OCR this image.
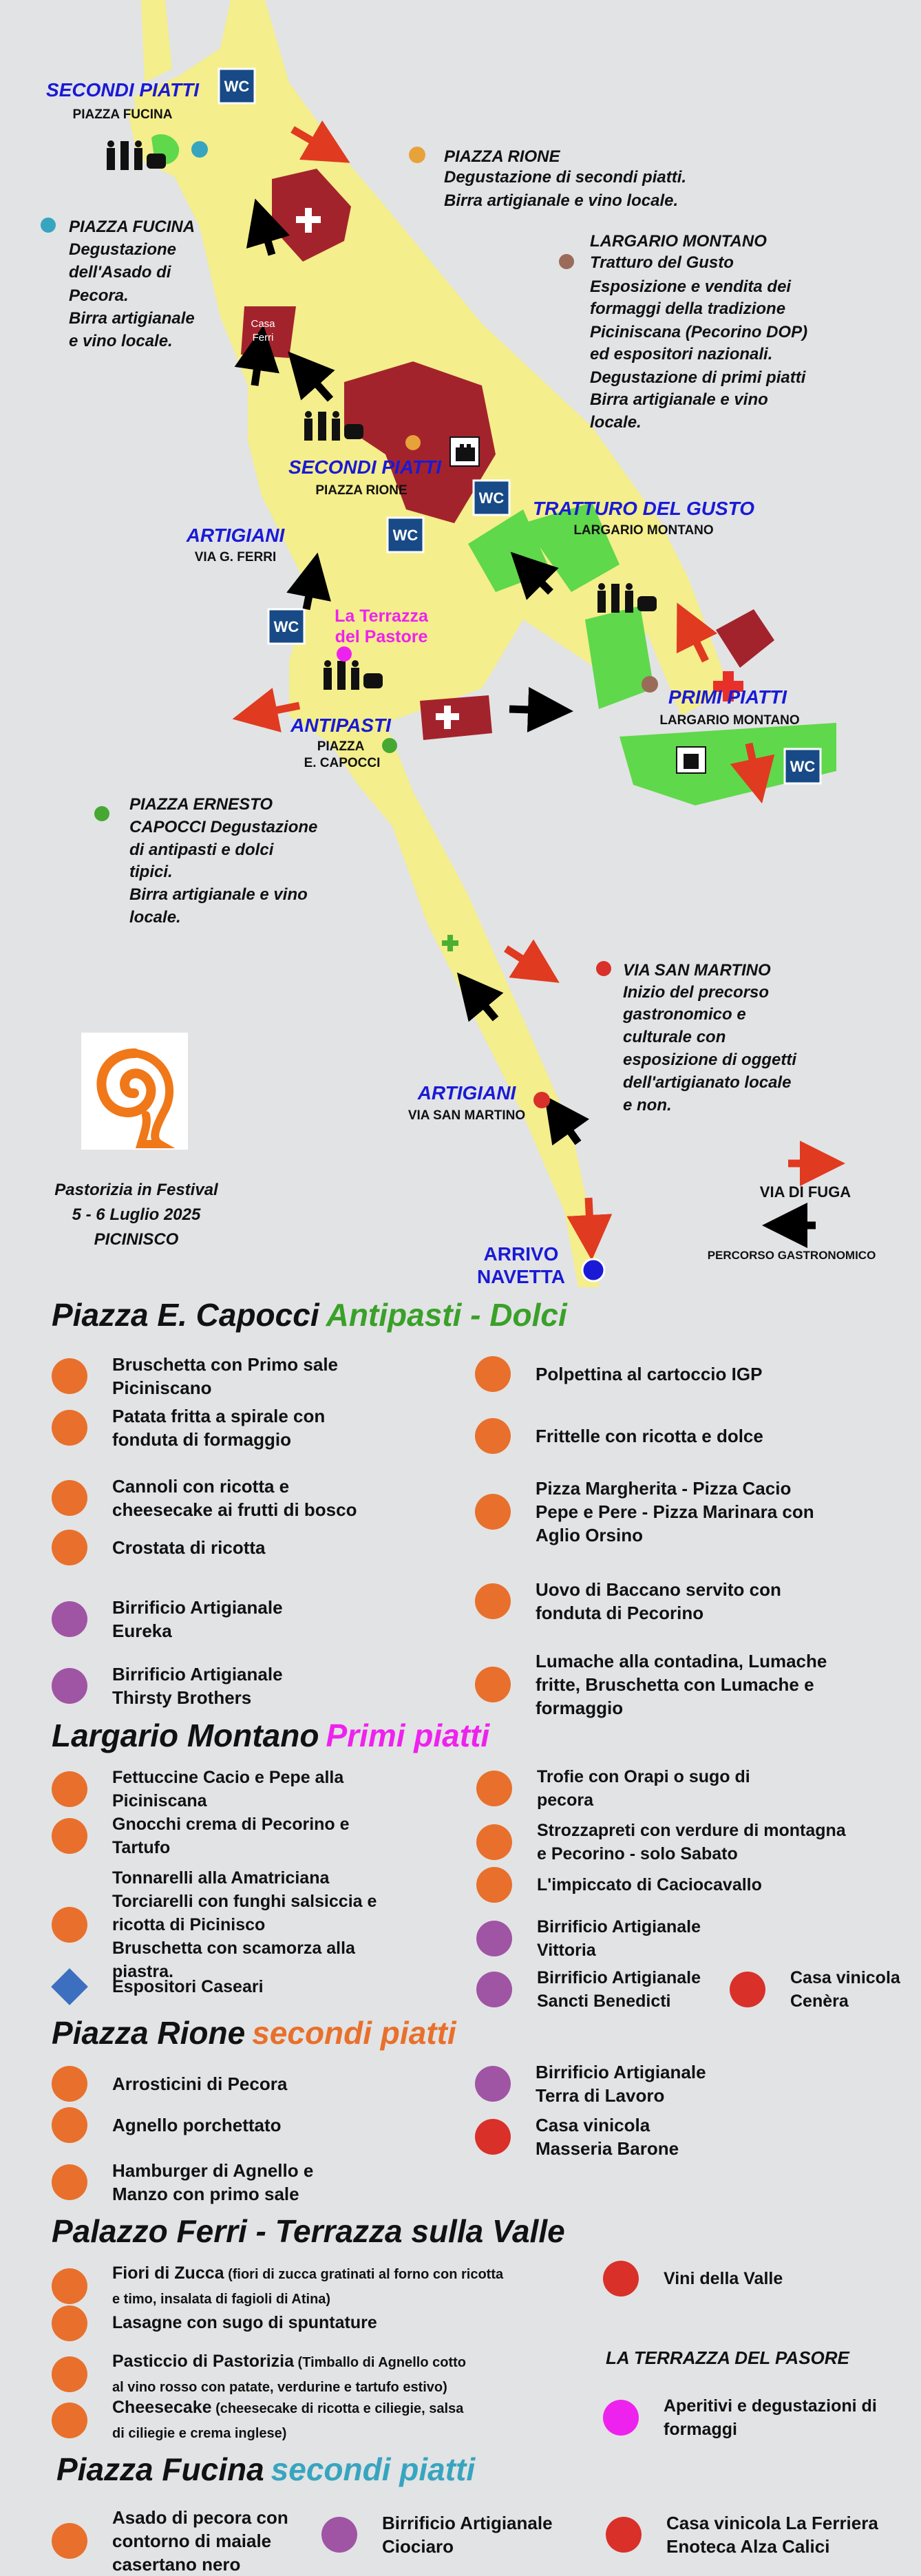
WC
WC
WC
WC
WC
SECONDI PIATTI
PIAZZA FUCINA
SECONDI PIATTI
PIAZZA RIONE
ARTIGIANI
VIA G. FERRI
TRATTURO DEL GUSTO
LARGARIO MONTANO
PRIMI PIATTI
LARGARIO MONTANO
La Terrazza
del Pastore
ANTIPASTI
PIAZZA
E. CAPOCCI
ARTIGIANI
VIA SAN MARTINO
ARRIVO
NAVETTA
Casa
Ferri
PIAZZA RIONE
Degustazione di secondi piatti.
Birra artigianale e vino locale.
LARGARIO MONTANO
Tratturo del Gusto
Esposizione e vendita dei
formaggi della tradizione
Piciniscana (Pecorino DOP)
ed espositori nazionali.
Degustazione di primi piatti
Birra artigianale e vino
locale.
PIAZZA FUCINA
Degustazione
dell'Asado di
Pecora.
Birra artigianale
e vino locale.
PIAZZA ERNESTO
CAPOCCI Degustazione
di antipasti e dolci
tipici.
Birra artigianale e vino
locale.
VIA SAN MARTINO
Inizio del precorso
gastronomico e
culturale con
esposizione di oggetti
dell'artigianato locale
e non.
Pastorizia in Festival
5 - 6 Luglio 2025
PICINISCO
VIA DI FUGA
PERCORSO GASTRONOMICO
Piazza E. Capocci Antipasti - Dolci
Largario Montano Primi piatti
Piazza Rione secondi piatti
Palazzo Ferri - Terrazza sulla Valle
LA TERRAZZA DEL PASORE
Piazza Fucina secondi piatti
Bruschetta con Primo sale
Piciniscano
Patata fritta a spirale con
fonduta di formaggio
Cannoli con ricotta e
cheesecake ai frutti di bosco
Crostata di ricotta
Birrificio Artigianale
Eureka
Birrificio Artigianale
Thirsty Brothers
Polpettina al cartoccio IGP
Frittelle con ricotta e dolce
Pizza Margherita - Pizza Cacio
Pepe e Pere - Pizza Marinara con
Aglio Orsino
Uovo di Baccano servito con
fonduta di Pecorino
Lumache alla contadina, Lumache
fritte, Bruschetta con Lumache e
formaggio
Fettuccine Cacio e Pepe alla
Piciniscana
Gnocchi crema di Pecorino e
Tartufo
Tonnarelli alla Amatriciana
Torciarelli con funghi salsiccia e
ricotta di Picinisco
Bruschetta con scamorza alla
piastra.
Espositori Caseari
Trofie con Orapi o sugo di
pecora
Strozzapreti con verdure di montagna
e Pecorino - solo Sabato
L'impiccato di Caciocavallo
Birrificio Artigianale
Vittoria
Birrificio Artigianale
Sancti Benedicti
Casa vinicola
Cenèra
Arrosticini di Pecora
Agnello porchettato
Hamburger di Agnello e
Manzo con primo sale
Birrificio Artigianale
Terra di Lavoro
Casa vinicola
Masseria Barone
Fiori di Zucca (fiori di zucca gratinati al forno con ricotta
e timo, insalata di fagioli di Atina)
Lasagne con sugo di spuntature
Pasticcio di Pastorizia (Timballo di Agnello cotto
al vino rosso con patate, verdurine e tartufo estivo)
Cheesecake (cheesecake di ricotta e ciliegie, salsa
di ciliegie e crema inglese)
Vini della Valle
Aperitivi e degustazioni di
formaggi
Asado di pecora con
contorno di maiale
casertano nero
Birrificio Artigianale
Ciociaro
Casa vinicola La Ferriera
Enoteca Alza Calici
